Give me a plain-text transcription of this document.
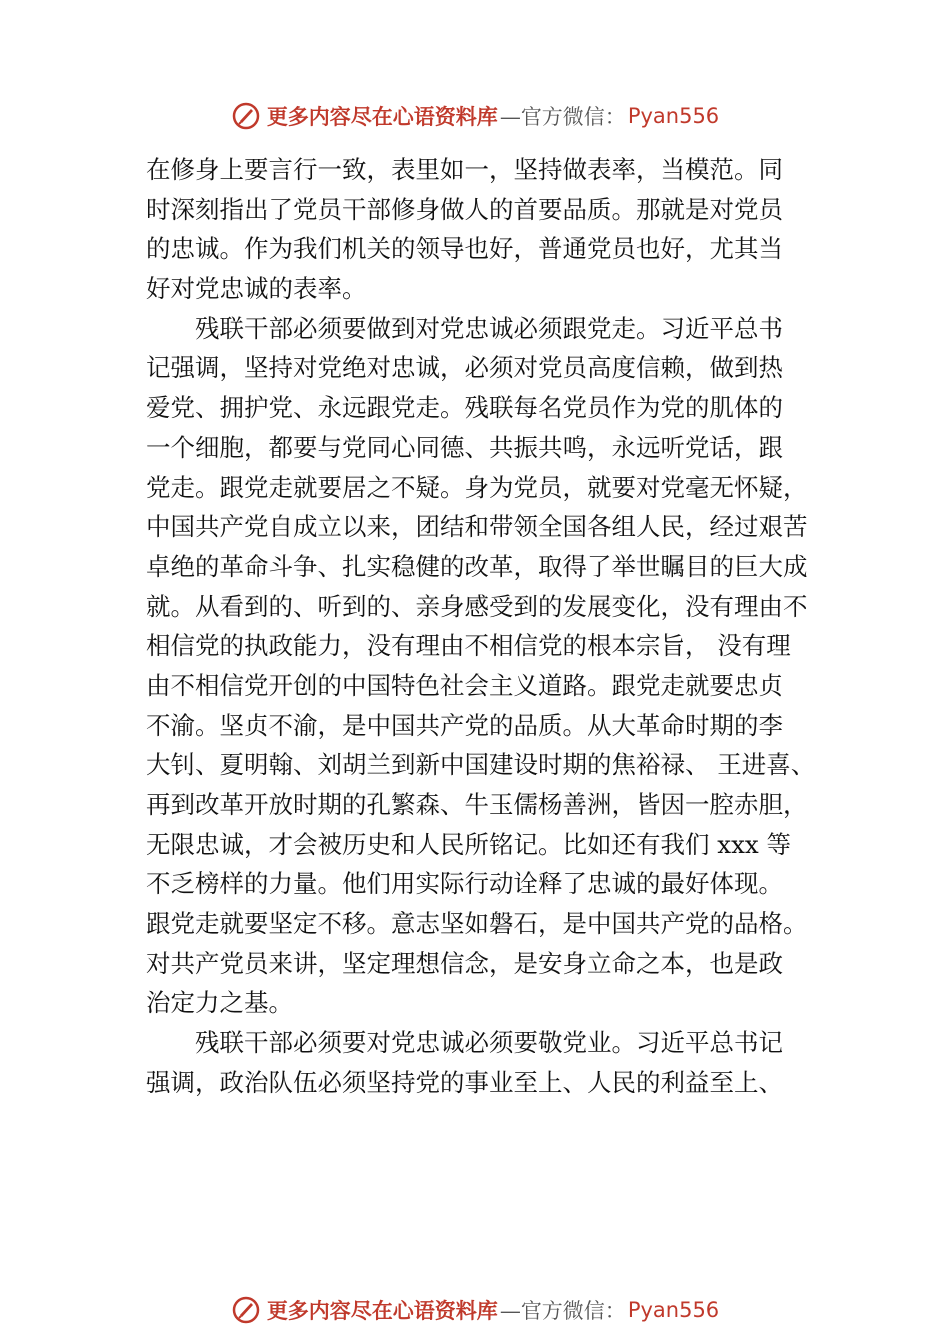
更多内容尽在心语资料库 —官方微信： Pyan556
在修身上要言行一致，表里如一，坚持做表率，当模范。同
时深刻指出了党员干部修身做人的首要品质。那就是对党员
的忠诚。作为我们机关的领导也好，普通党员也好，尤其当
好对党忠诚的表率。
残联干部必须要做到对党忠诚必须跟党走。习近平总书
记强调，坚持对党绝对忠诚，必须对党员高度信赖，做到热
爱党、拥护党、永远跟党走。残联每名党员作为党的肌体的
一个细胞，都要与党同心同德、共振共鸣，永远听党话，跟
党走。跟党走就要居之不疑。身为党员，就要对党毫无怀疑，
中国共产党自成立以来，团结和带领全国各组人民，经过艰苦
卓绝的革命斗争、扎实稳健的改革，取得了举世瞩目的巨大成
就。从看到的、听到的、亲身感受到的发展变化，没有理由不
相信党的执政能力，没有理由不相信党的根本宗旨， 没有理
由不相信党开创的中国特色社会主义道路。跟党走就要忠贞
不渝。坚贞不渝，是中国共产党的品质。从大革命时期的李
大钊、夏明翰、刘胡兰到新中国建设时期的焦裕禄、 王进喜、
再到改革开放时期的孔繁森、牛玉儒杨善洲，皆因一腔赤胆，
无限忠诚，才会被历史和人民所铭记。比如还有我们 xxx 等
不乏榜样的力量。他们用实际行动诠释了忠诚的最好体现。
跟党走就要坚定不移。意志坚如磐石，是中国共产党的品格。
对共产党员来讲，坚定理想信念，是安身立命之本，也是政
治定力之基。
残联干部必须要对党忠诚必须要敬党业。习近平总书记
强调，政治队伍必须坚持党的事业至上、人民的利益至上、
更多内容尽在心语资料库 —官方微信： Pyan556
